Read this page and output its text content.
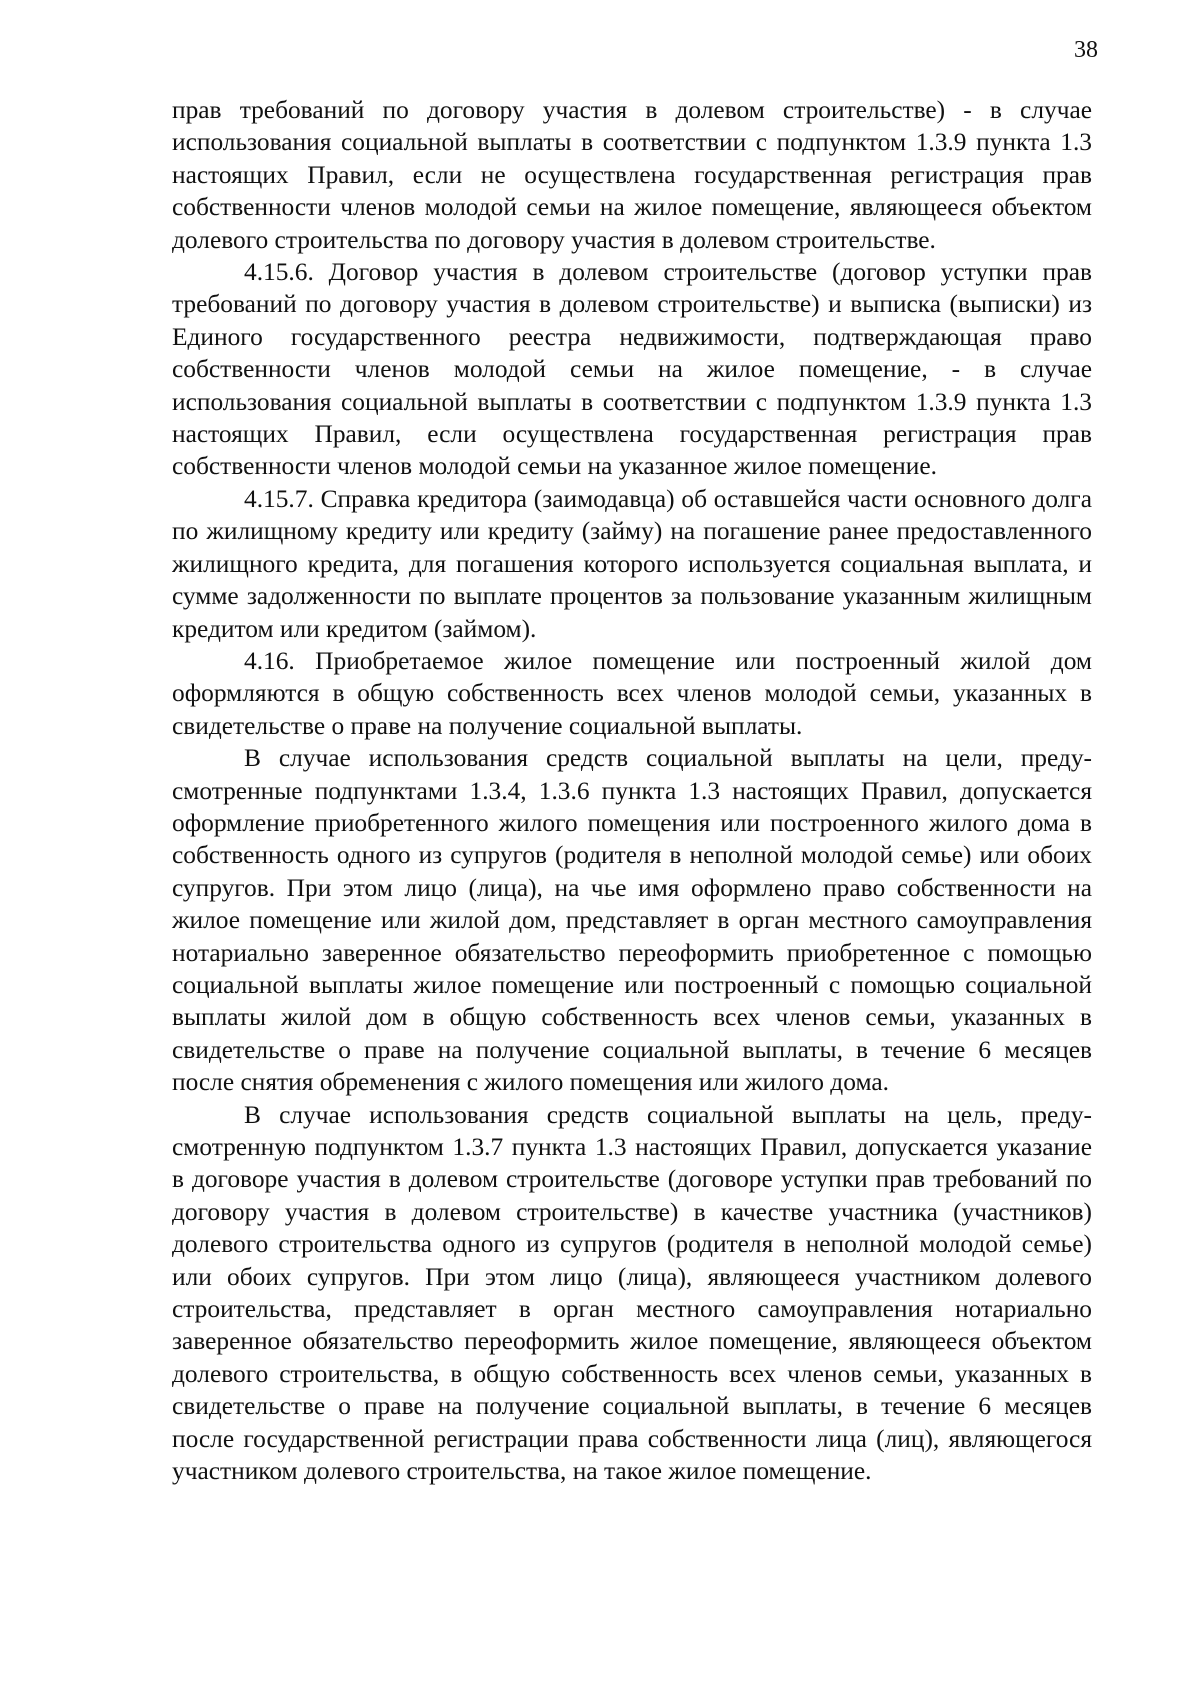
38

прав требований по договору участия в долевом строительстве) - в случае использования социальной выплаты в соответствии с подпунктом 1.3.9 пункта 1.3 настоящих Правил, если не осуществлена государственная регистрация прав собственности членов молодой семьи на жилое помещение, являющееся объектом долевого строительства по договору участия в долевом строительстве.

4.15.6. Договор участия в долевом строительстве (договор уступки прав требований по договору участия в долевом строительстве) и выписка (выписки) из Единого государственного реестра недвижимости, подтверждающая право собственности членов молодой семьи на жилое помещение, - в случае использования социальной выплаты в соответствии с подпунктом 1.3.9 пункта 1.3 настоящих Правил, если осуществлена государственная регистрация прав собственности членов молодой семьи на указанное жилое помещение.

4.15.7. Справка кредитора (заимодавца) об оставшейся части основного долга по жилищному кредиту или кредиту (займу) на погашение ранее предоставленного жилищного кредита, для погашения которого используется социальная выплата, и сумме задолженности по выплате процентов за пользование указанным жилищным кредитом или кредитом (займом).

4.16. Приобретаемое жилое помещение или построенный жилой дом оформляются в общую собственность всех членов молодой семьи, указанных в свидетельстве о праве на получение социальной выплаты.

В случае использования средств социальной выплаты на цели, предусмотренные подпунктами 1.3.4, 1.3.6 пункта 1.3 настоящих Правил, допускается оформление приобретенного жилого помещения или построенного жилого дома в собственность одного из супругов (родителя в неполной молодой семье) или обоих супругов. При этом лицо (лица), на чье имя оформлено право собственности на жилое помещение или жилой дом, представляет в орган местного самоуправления нотариально заверенное обязательство переоформить приобретенное с помощью социальной выплаты жилое помещение или построенный с помощью социальной выплаты жилой дом в общую собственность всех членов семьи, указанных в свидетельстве о праве на получение социальной выплаты, в течение 6 месяцев после снятия обременения с жилого помещения или жилого дома.

В случае использования средств социальной выплаты на цель, предусмотренную подпунктом 1.3.7 пункта 1.3 настоящих Правил, допускается указание в договоре участия в долевом строительстве (договоре уступки прав требований по договору участия в долевом строительстве) в качестве участника (участников) долевого строительства одного из супругов (родителя в неполной молодой семье) или обоих супругов. При этом лицо (лица), являющееся участником долевого строительства, представляет в орган местного самоуправления нотариально заверенное обязательство переоформить жилое помещение, являющееся объектом долевого строительства, в общую собственность всех членов семьи, указанных в свидетельстве о праве на получение социальной выплаты, в течение 6 месяцев после государственной регистрации права собственности лица (лиц), являющегося участником долевого строительства, на такое жилое помещение.
